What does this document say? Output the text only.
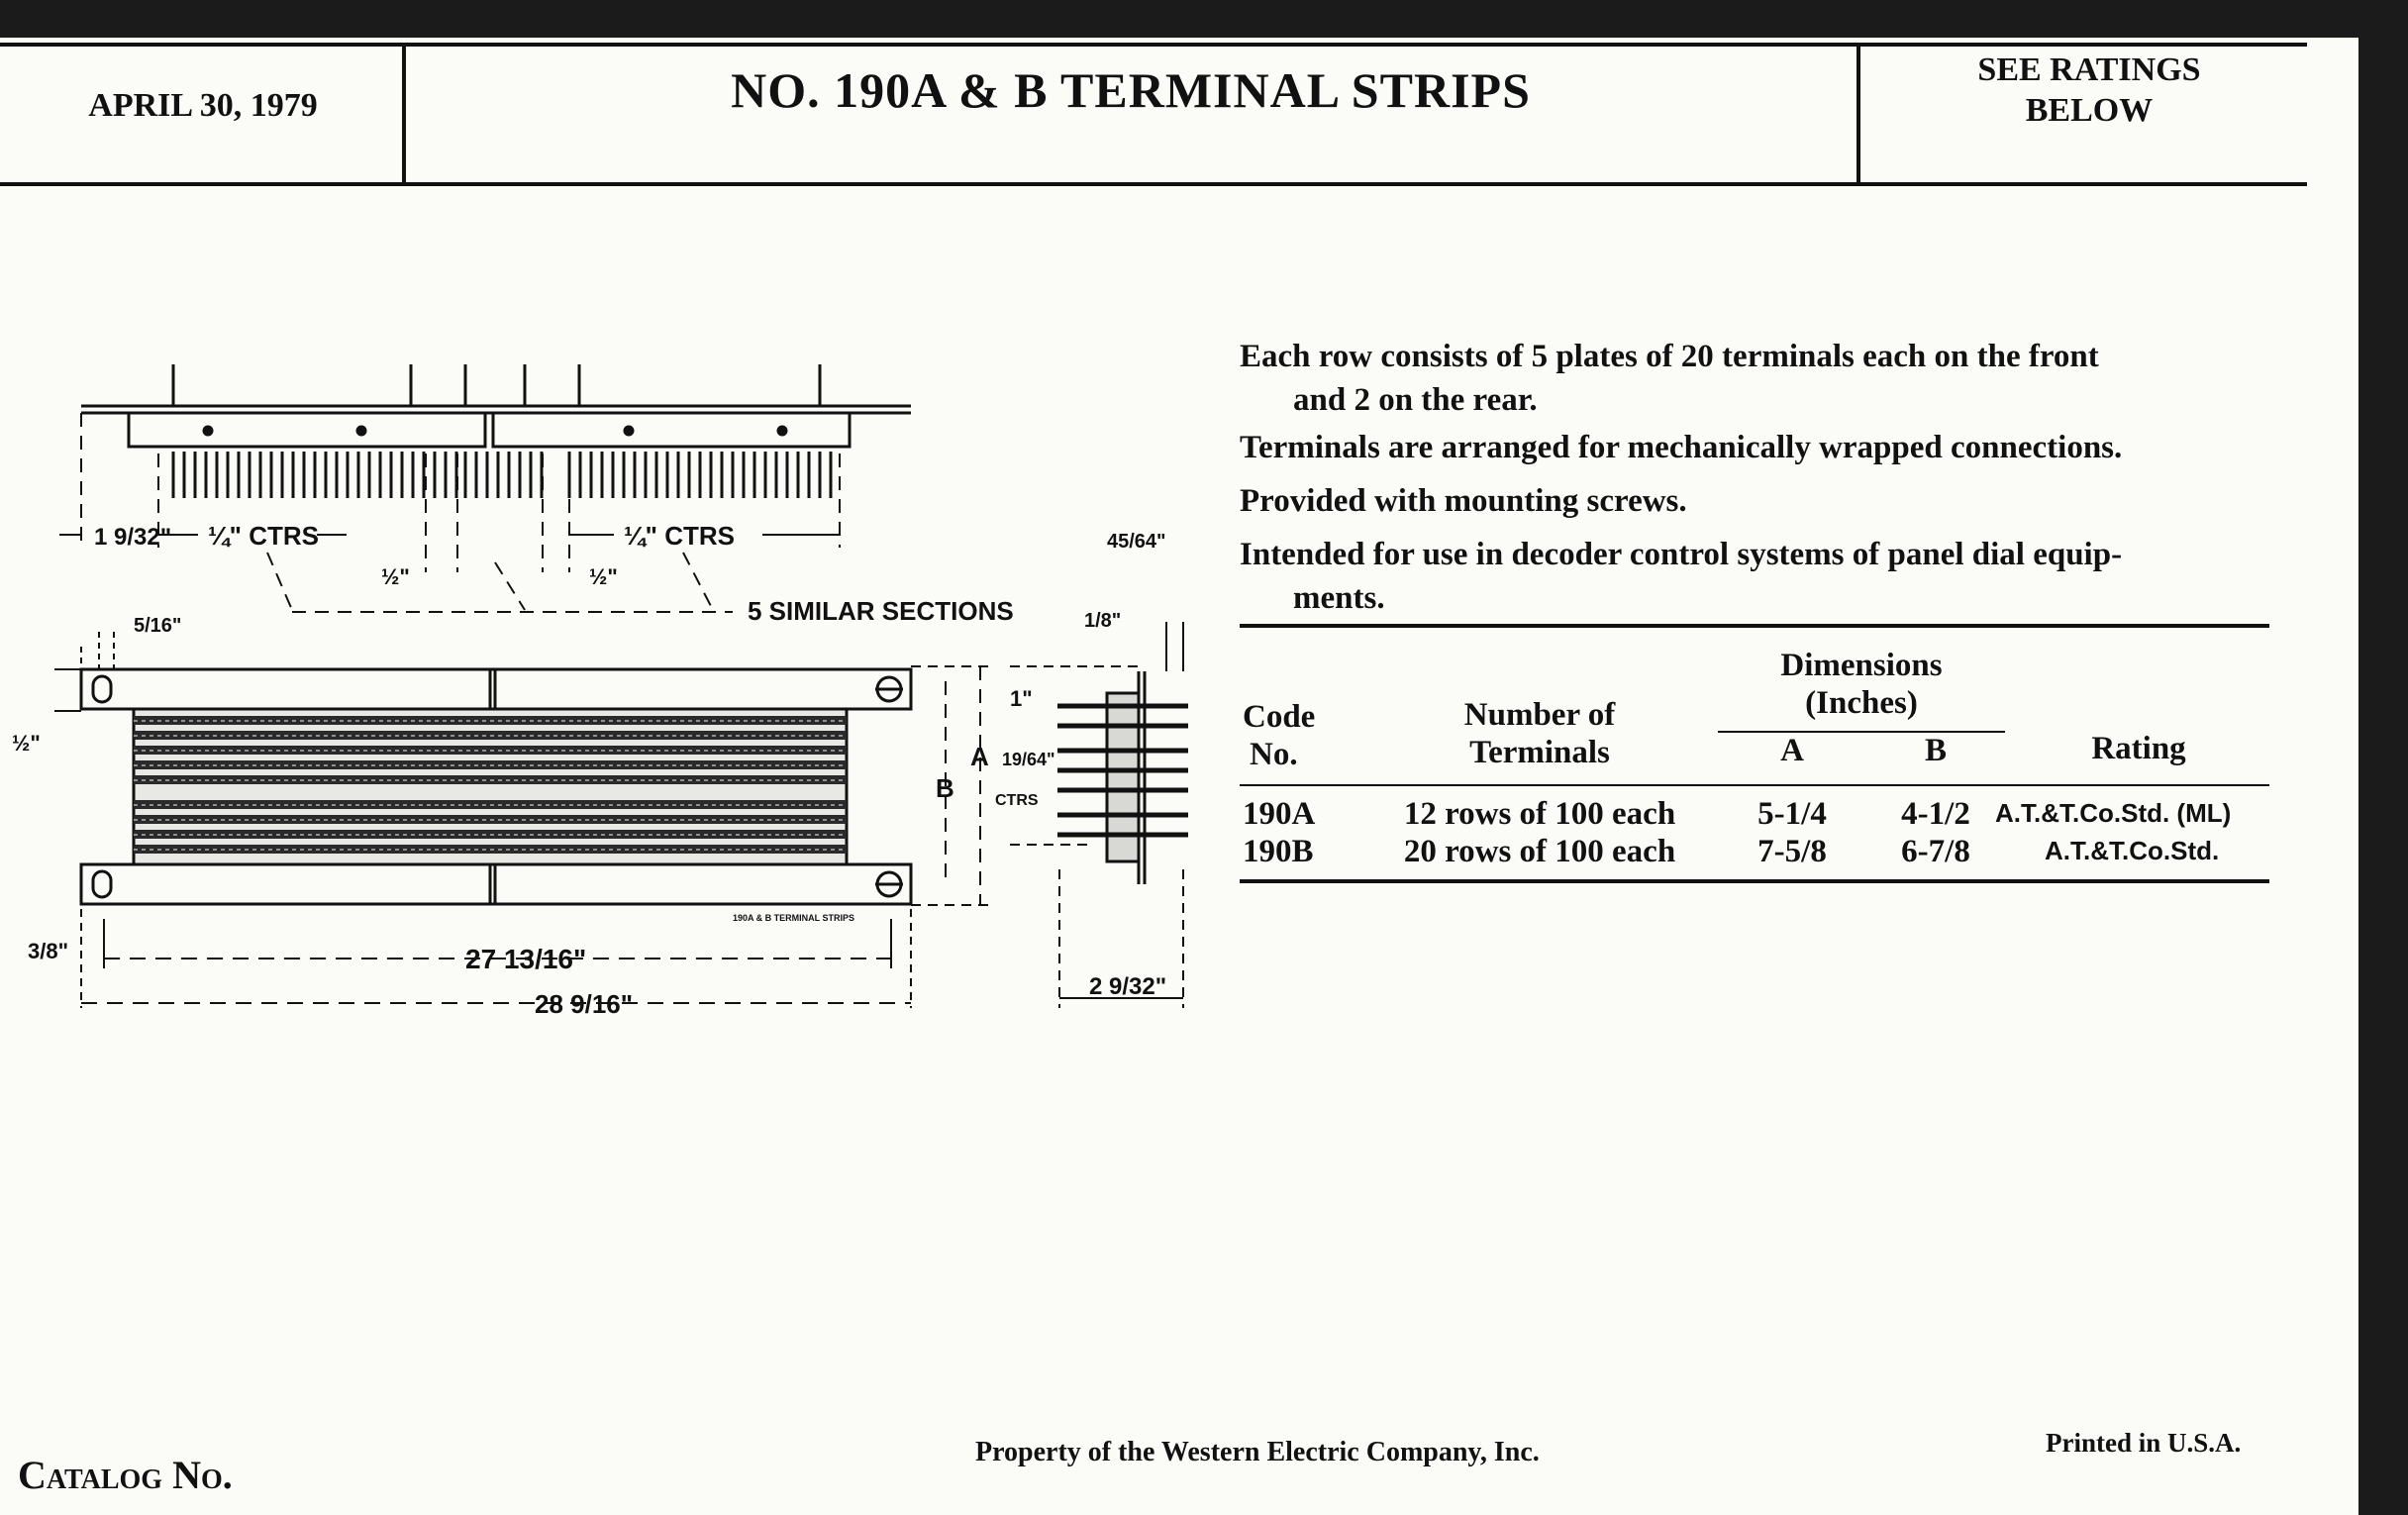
APRIL 30, 1979	NO. 190A & B TERMINAL STRIPS	SEE RATINGS
BELOW
1 9/32" ¼" CTRS	¼" CTRS
½"	½"
5 SIMILAR SECTIONS
190A & B TERMINAL STRIPS
5/16"
½"
3/8"
A
B
27 13/16"
28 9/16"
45/64"
1/8"
1"
19/64"
CTRS
2 9/32"
Each row consists of 5 plates of 20 terminals each on the front
and 2 on the rear.
Terminals are arranged for mechanically wrapped connections.
Provided with mounting screws.
Intended for use in decoder control systems of panel dial equip-
ments.
Code
No.
Number of
Terminals
Dimensions
(Inches)
A	B	Rating
190A	12 rows of 100 each	5-1/4	4-1/2 A.T.&T.Co.Std. (ML)
190B	20 rows of 100 each	7-5/8	6-7/8	A.T.&T.Co.Std.
Catalog No.
Property of the Western Electric Company, Inc.	Printed in U.S.A.
